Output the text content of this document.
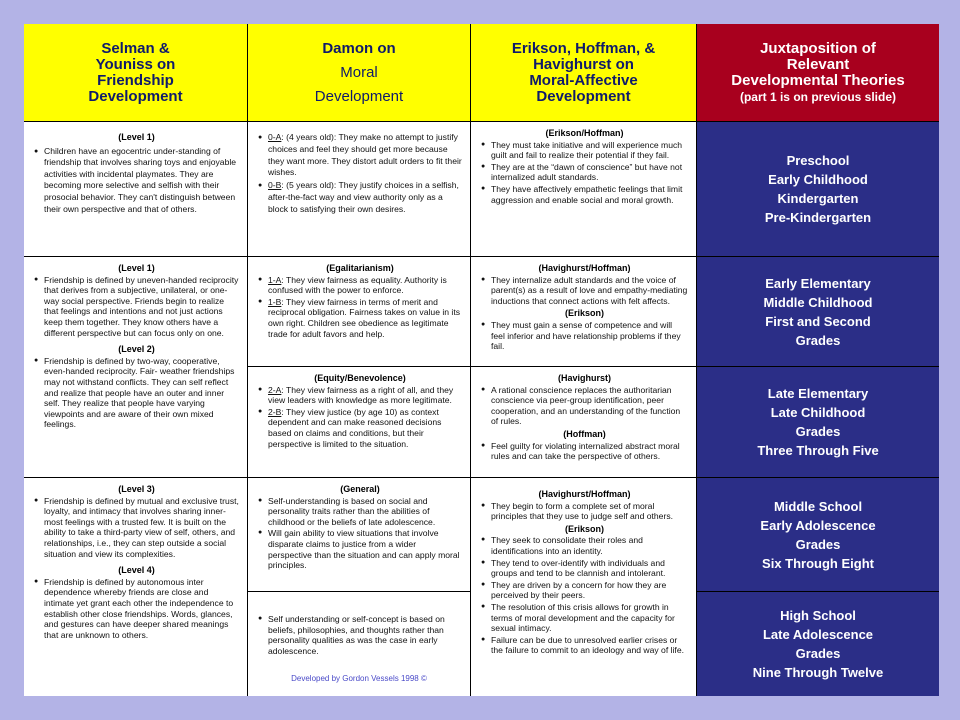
Selman &
Youniss on
Friendship
Development
Damon on
Moral
Development
Erikson, Hoffman, &
Havighurst on
Moral-Affective
Development
Juxtaposition of
Relevant
Developmental Theories
(part 1 is on previous slide)
(Level 1)
● Children have an egocentric under-standing of friendship that involves sharing toys and enjoyable activities with incidental playmates. They are becoming more selective and selfish with their prosocial behavior. They can't distinguish between their own perspective and that of others.
(Level 1)
● Friendship is defined by uneven-handed reciprocity that derives from a subjective, unilateral, or one-way social perspective. Friends begin to realize that feelings and intentions and not just actions keep them together. They know others have a different perspective but can focus only on one.
(Level 2)
● Friendship is defined by two-way, cooperative, even-handed reciprocity. Fair- weather friendships may not withstand conflicts. They can self reflect and realize that people have an outer and inner self. They realize that people have varying viewpoints and are aware of their own mixed feelings.
(Level 3)
● Friendship is defined by mutual and exclusive trust, loyalty, and intimacy that involves sharing inner-most feelings with a trusted few. It is built on the ability to take a third-party view of self, others, and relationships, i.e., they can step outside a social situation and view its complexities.
(Level 4)
● Friendship is defined by autonomous inter dependence whereby friends are close and intimate yet grant each other the independence to establish other close friendships. Words, glances, and gestures can have deeper shared meanings that are unknown to others.
● 0-A: (4 years old): They make no attempt to justify choices and feel they should get more because they want more. They distort adult orders to fit their wishes.
● 0-B: (5 years old): They justify choices in a selfish, after-the-fact way and view authority only as a block to satisfying their own desires.
(Egalitarianism)
● 1-A: They view fairness as equality. Authority is confused with the power to enforce.
● 1-B: They view fairness in terms of merit and reciprocal obligation. Fairness takes on value in its own right. Children see obedience as legitimate trade for adult favors and help.
(Equity/Benevolence)
● 2-A: They view fairness as a right of all, and they view leaders with knowledge as more legitimate.
● 2-B: They view justice (by age 10) as context dependent and can make reasoned decisions based on claims and conditions, but their perspective is limited to the situation.
(General)
● Self-understanding is based on social and personality traits rather than the abilities of childhood or the beliefs of late adolescence.
● Will gain ability to view situations that involve disparate claims to justice from a wider perspective than the situation and can apply moral principles.
● Self understanding or self-concept is based on beliefs, philosophies, and thoughts rather than personality qualities as was the case in early adolescence.
Developed by Gordon Vessels 1998 ©
(Erikson/Hoffman)
● They must take initiative and will experience much guilt and fail to realize their potential if they fail.
● They are at the “dawn of conscience” but have not internalized adult standards.
● They have affectively empathetic feelings that limit aggression and enable social and moral growth.
(Havighurst/Hoffman)
● They internalize adult standards and the voice of parent(s) as a result of love and empathy-mediating inductions that connect actions with felt affects.
(Erikson)
● They must gain a sense of competence and will feel inferior and have relationship problems if they fail.
(Havighurst)
● A rational conscience replaces the authoritarian conscience via peer-group identification, peer cooperation, and an understanding of the function of rules.
(Hoffman)
● Feel guilty for violating internalized abstract moral rules and can take the perspective of others.
(Havighurst/Hoffman)
● They begin to form a complete set of moral principles that they use to judge self and others.
(Erikson)
● They seek to consolidate their roles and identifications into an identity.
● They tend to over-identify with individuals and groups and tend to be clannish and intolerant.
● They are driven by a concern for how they are perceived by their peers.
● The resolution of this crisis allows for growth in terms of moral development and the capacity for sexual intimacy.
● Failure can be due to unresolved earlier crises or the failure to commit to an ideology and way of life.
Preschool
Early Childhood
Kindergarten
Pre-Kindergarten
Early Elementary
Middle Childhood
First and Second
Grades
Late Elementary
Late Childhood
Grades
Three Through Five
Middle School
Early Adolescence
Grades
Six Through Eight
High School
Late Adolescence
Grades
Nine Through Twelve
